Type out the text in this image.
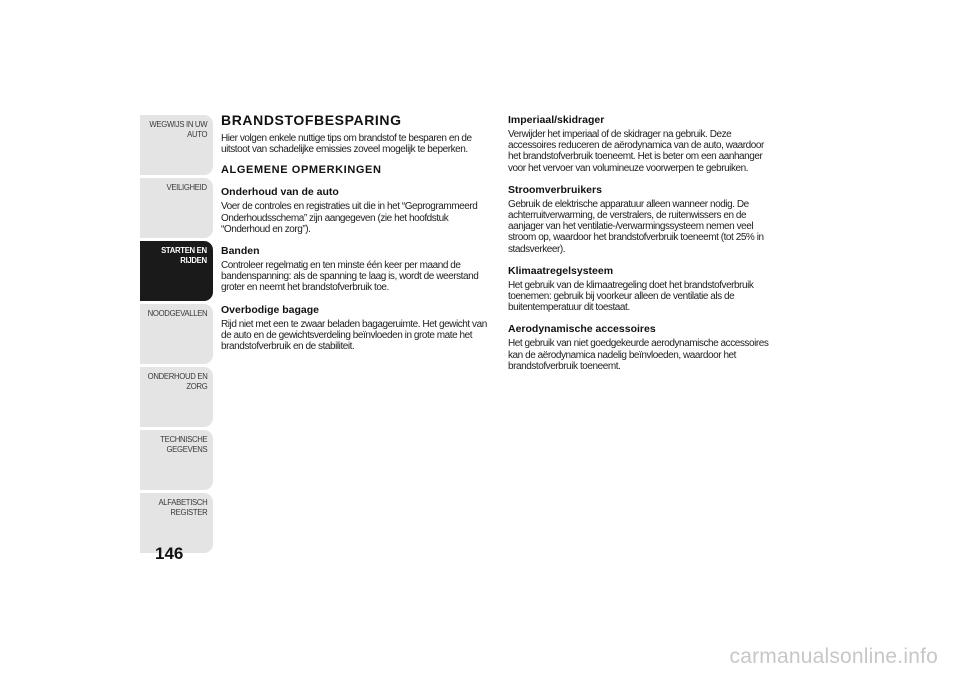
WEGWIJS IN UW
AUTO
VEILIGHEID
STARTEN EN
RIJDEN
NOODGEVALLEN
ONDERHOUD EN
ZORG
TECHNISCHE
GEGEVENS
ALFABETISCH
REGISTER
146
BRANDSTOFBESPARING

Hier volgen enkele nuttige tips om brandstof te besparen en de uitstoot van schadelijke emissies zoveel mogelijk te beperken.

ALGEMENE OPMERKINGEN
Onderhoud van de auto

Voer de controles en registraties uit die in het “Geprogrammeerd Onderhoudsschema” zijn aangegeven (zie het hoofdstuk “Onderhoud en zorg”).

Banden

Controleer regelmatig en ten minste één keer per maand de bandenspanning: als de spanning te laag is, wordt de weerstand groter en neemt het brandstofverbruik toe.

Overbodige bagage

Rijd niet met een te zwaar beladen bagageruimte. Het gewicht van de auto en de gewichtsverdeling beïnvloeden in grote mate het brandstofverbruik en de stabiliteit.

Imperiaal/skidrager

Verwijder het imperiaal of de skidrager na gebruik. Deze accessoires reduceren de aërodynamica van de auto, waardoor het brandstofverbruik toeneemt. Het is beter om een aanhanger voor het vervoer van volumineuze voorwerpen te gebruiken.

Stroomverbruikers

Gebruik de elektrische apparatuur alleen wanneer nodig. De achterruitverwarming, de verstralers, de ruitenwissers en de aanjager van het ventilatie-/verwarmingssysteem nemen veel stroom op, waardoor het brandstofverbruik toeneemt (tot 25% in stadsverkeer).

Klimaatregelsysteem

Het gebruik van de klimaatregeling doet het brandstofverbruik toenemen: gebruik bij voorkeur alleen de ventilatie als de buitentemperatuur dit toestaat.

Aerodynamische accessoires

Het gebruik van niet goedgekeurde aerodynamische accessoires kan de aërodynamica nadelig beïnvloeden, waardoor het brandstofverbruik toeneemt.

carmanualsonline.info
